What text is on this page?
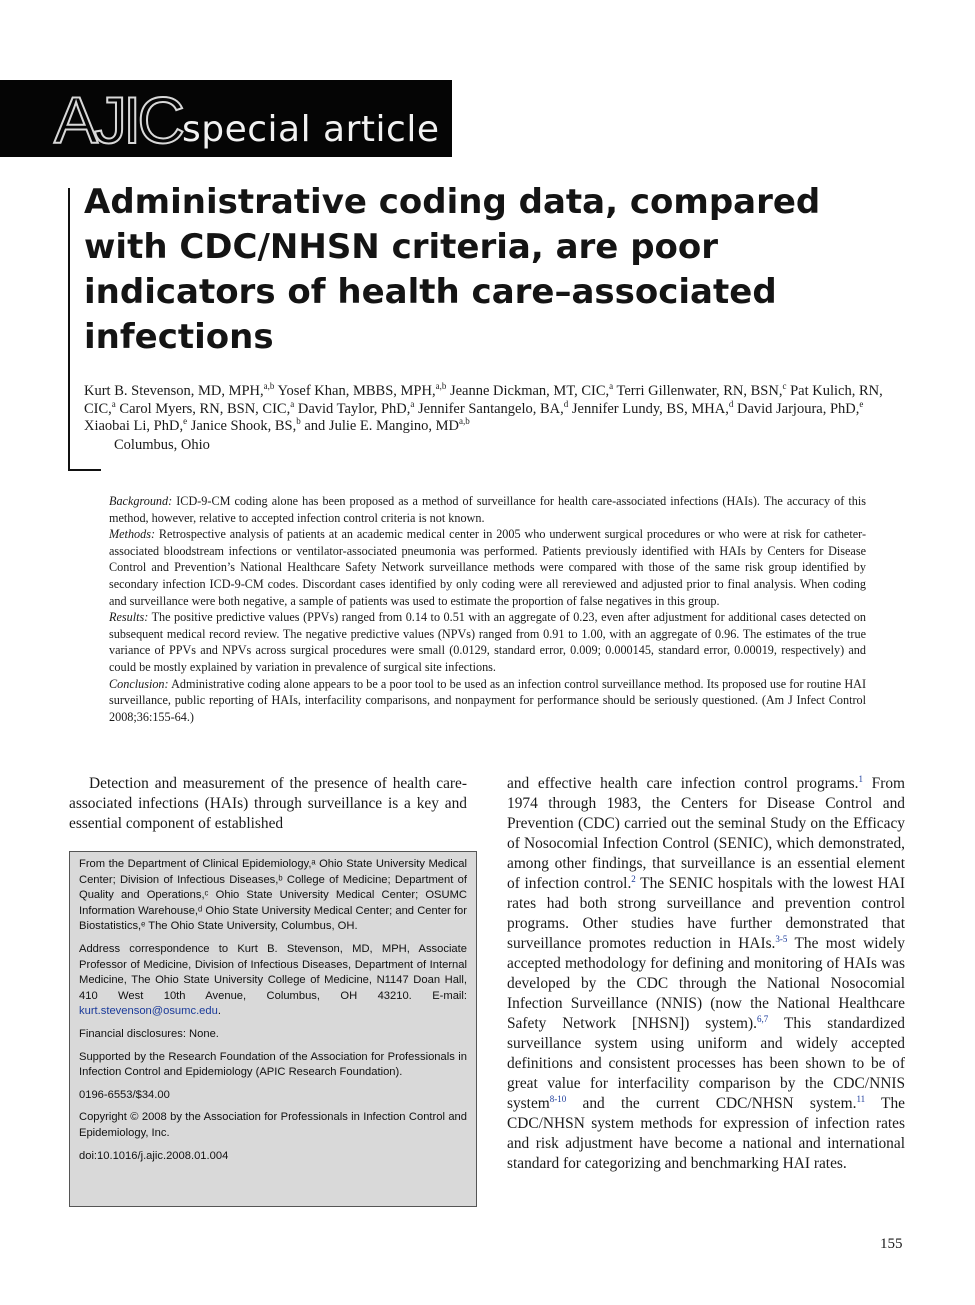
AJIC special article
Administrative coding data, compared with CDC/NHSN criteria, are poor indicators of health care–associated infections
Kurt B. Stevenson, MD, MPH,$^{a,b}$ Yosef Khan, MBBS, MPH,$^{a,b}$ Jeanne Dickman, MT, CIC,$^a$ Terri Gillenwater, RN, BSN,$^c$ Pat Kulich, RN, CIC,$^a$ Carol Myers, RN, BSN, CIC,$^a$ David Taylor, PhD,$^a$ Jennifer Santangelo, BA,$^d$ Jennifer Lundy, BS, MHA,$^d$ David Jarjoura, PhD,$^e$ Xiaobai Li, PhD,$^e$ Janice Shook, BS,$^b$ and Julie E. Mangino, MD$^{a,b}$
Columbus, Ohio

Background: ICD-9-CM coding alone has been proposed as a method of surveillance for health care-associated infections (HAIs). The accuracy of this method, however, relative to accepted infection control criteria is not known.

Methods: Retrospective analysis of patients at an academic medical center in 2005 who underwent surgical procedures or who were at risk for catheter-associated bloodstream infections or ventilator-associated pneumonia was performed. Patients previously identified with HAIs by Centers for Disease Control and Prevention’s National Healthcare Safety Network surveillance methods were compared with those of the same risk group identified by secondary infection ICD-9-CM codes. Discordant cases identified by only coding were all rereviewed and adjusted prior to final analysis. When coding and surveillance were both negative, a sample of patients was used to estimate the proportion of false negatives in this group.

Results: The positive predictive values (PPVs) ranged from 0.14 to 0.51 with an aggregate of 0.23, even after adjustment for additional cases detected on subsequent medical record review. The negative predictive values (NPVs) ranged from 0.91 to 1.00, with an aggregate of 0.96. The estimates of the true variance of PPVs and NPVs across surgical procedures were small (0.0129, standard error, 0.009; 0.000145, standard error, 0.00019, respectively) and could be mostly explained by variation in prevalence of surgical site infections.

Conclusion: Administrative coding alone appears to be a poor tool to be used as an infection control surveillance method. Its proposed use for routine HAI surveillance, public reporting of HAIs, interfacility comparisons, and nonpayment for performance should be seriously questioned. (Am J Infect Control 2008;36:155-64.)

Detection and measurement of the presence of health care-associated infections (HAIs) through surveillance is a key and essential component of established

and effective health care infection control programs.$^1$ From 1974 through 1983, the Centers for Disease Control and Prevention (CDC) carried out the seminal Study on the Efficacy of Nosocomial Infection Control (SENIC), which demonstrated, among other findings, that surveillance is an essential element of infection control.$^2$ The SENIC hospitals with the lowest HAI rates had both strong surveillance and prevention control programs. Other studies have further demonstrated that surveillance promotes reduction in HAIs.$^{3-5}$ The most widely accepted methodology for defining and monitoring of HAIs was developed by the CDC through the National Nosocomial Infection Surveillance (NNIS) (now the National Healthcare Safety Network [NHSN]) system).$^{6,7}$ This standardized surveillance system using uniform and widely accepted definitions and consistent processes has been shown to be of great value for interfacility comparison by the CDC/NNIS system$^{8-10}$ and the current CDC/NHSN system.$^{11}$ The CDC/NHSN system methods for expression of infection rates and risk adjustment have become a national and international standard for categorizing and benchmarking HAI rates.

From the Department of Clinical Epidemiology,ᵃ Ohio State University Medical Center; Division of Infectious Diseases,ᵇ College of Medicine; Department of Quality and Operations,ᶜ Ohio State University Medical Center; OSUMC Information Warehouse,ᵈ Ohio State University Medical Center; and Center for Biostatistics,ᵉ The Ohio State University, Columbus, OH.

Address correspondence to Kurt B. Stevenson, MD, MPH, Associate Professor of Medicine, Division of Infectious Diseases, Department of Internal Medicine, The Ohio State University College of Medicine, N1147 Doan Hall, 410 West 10th Avenue, Columbus, OH 43210. E-mail: kurt.stevenson@osumc.edu.

Financial disclosures: None.

Supported by the Research Foundation of the Association for Professionals in Infection Control and Epidemiology (APIC Research Foundation).

0196-6553/$34.00

Copyright © 2008 by the Association for Professionals in Infection Control and Epidemiology, Inc.

doi:10.1016/j.ajic.2008.01.004

155
